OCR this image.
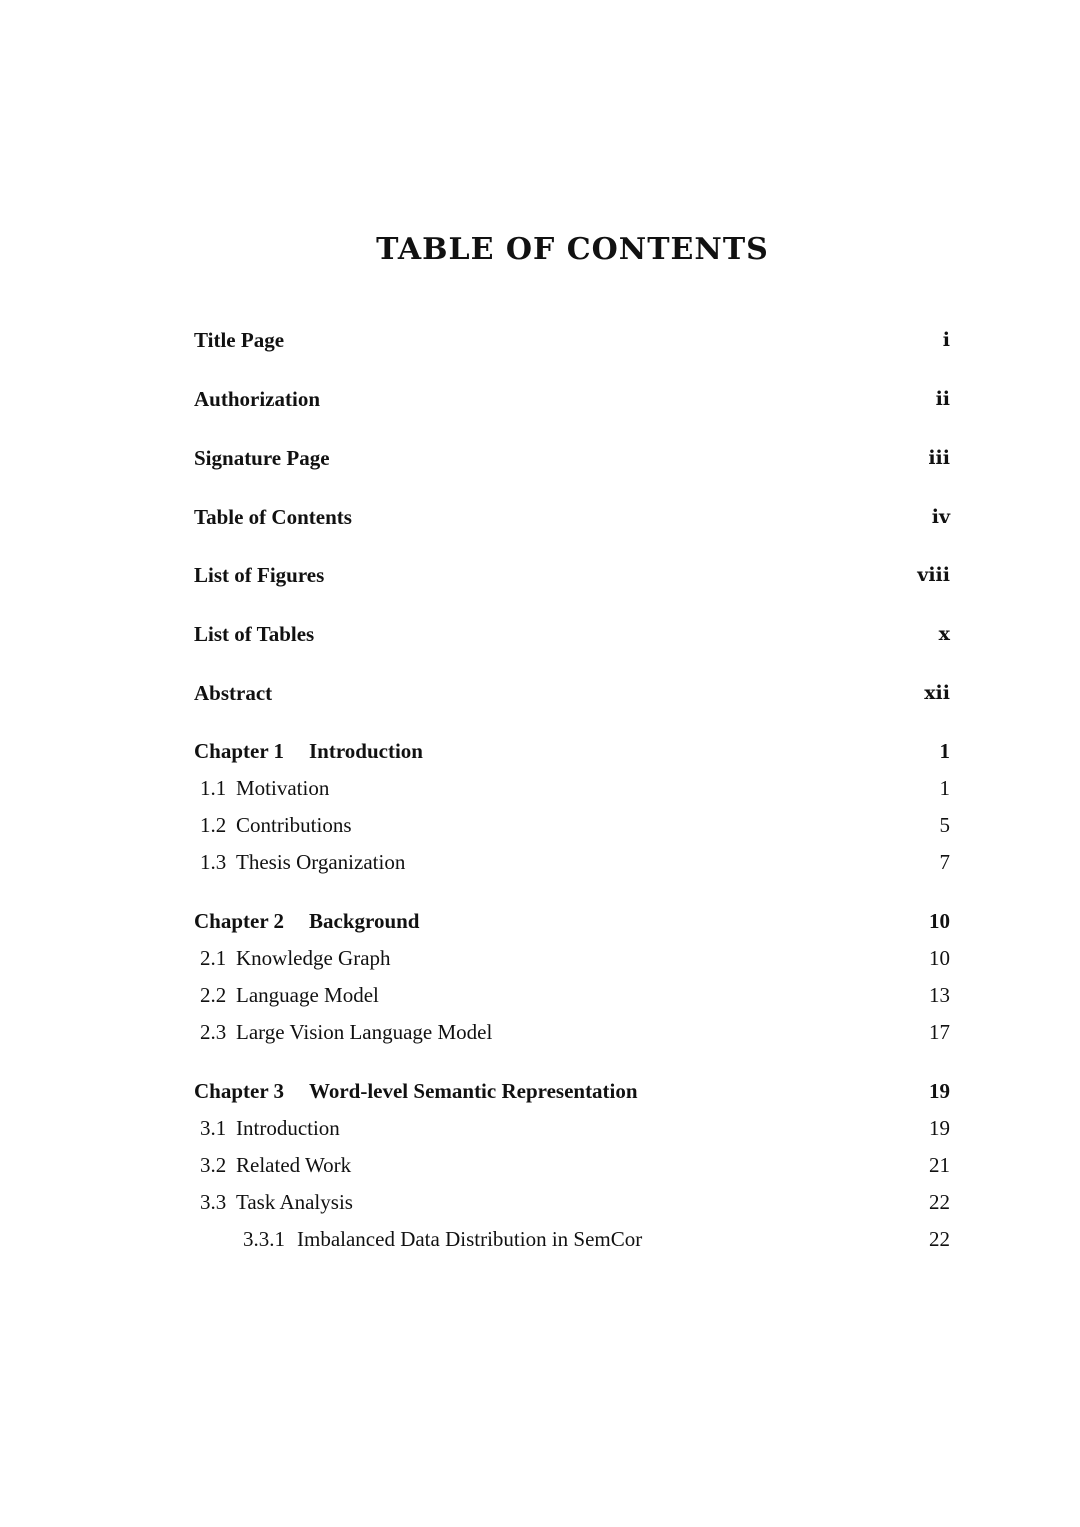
TABLE OF CONTENTS
Title Page	i
Authorization	ii
Signature Page	iii
Table of Contents	iv
List of Figures	viii
List of Tables	x
Abstract	xii
Chapter 1 Introduction	1
1.1 Motivation	1
1.2 Contributions	5
1.3 Thesis Organization	7
Chapter 2 Background	10
2.1 Knowledge Graph	10
2.2 Language Model	13
2.3 Large Vision Language Model	17
Chapter 3 Word-level Semantic Representation	19
3.1 Introduction	19
3.2 Related Work	21
3.3 Task Analysis	22
3.3.1 Imbalanced Data Distribution in SemCor	22
